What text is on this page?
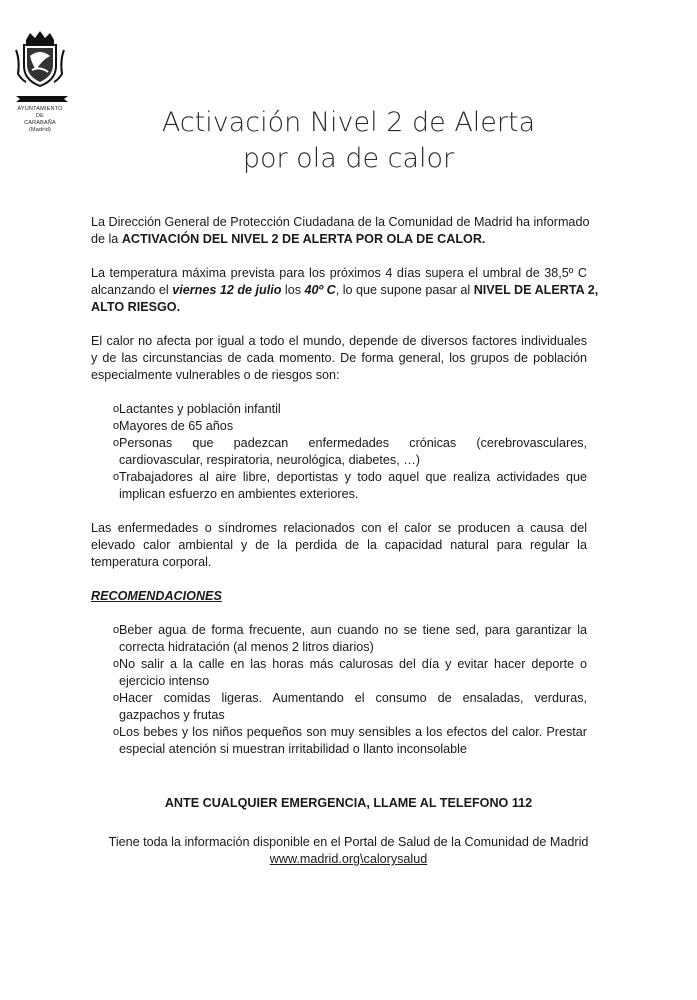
AYUNTAMIENTO
DE
CARABAÑA
(Madrid)	Activación Nivel 2 de Alerta
por ola de calor
La Dirección General de Protección Ciudadana de la Comunidad de Madrid ha informado
de la ACTIVACIÓN DEL NIVEL 2 DE ALERTA POR OLA DE CALOR.
La temperatura máxima prevista para los próximos 4 días supera el umbral de 38,5º C
alcanzando el viernes 12 de julio los 40º C, lo que supone pasar al NIVEL DE ALERTA 2,
ALTO RIESGO.
El calor no afecta por igual a todo el mundo, depende de diversos factores individuales
y de las circunstancias de cada momento. De forma general, los grupos de población
especialmente vulnerables o de riesgos son:
o Lactantes y población infantil
o Mayores de 65 años
o Personas que padezcan enfermedades crónicas (cerebrovasculares,
cardiovascular, respiratoria, neurológica, diabetes, …)
o Trabajadores al aire libre, deportistas y todo aquel que realiza actividades que
implican esfuerzo en ambientes exteriores.
Las enfermedades o síndromes relacionados con el calor se producen a causa del
elevado calor ambiental y de la perdida de la capacidad natural para regular la
temperatura corporal.
RECOMENDACIONES
o Beber agua de forma frecuente, aun cuando no se tiene sed, para garantizar la
correcta hidratación (al menos 2 litros diarios)
o No salir a la calle en las horas más calurosas del día y evitar hacer deporte o
ejercicio intenso
o Hacer comidas ligeras. Aumentando el consumo de ensaladas, verduras,
gazpachos y frutas
o Los bebes y los niños pequeños son muy sensibles a los efectos del calor. Prestar
especial atención si muestran irritabilidad o llanto inconsolable
ANTE CUALQUIER EMERGENCIA, LLAME AL TELEFONO 112
Tiene toda la información disponible en el Portal de Salud de la Comunidad de Madrid
www.madrid.org\calorysalud
